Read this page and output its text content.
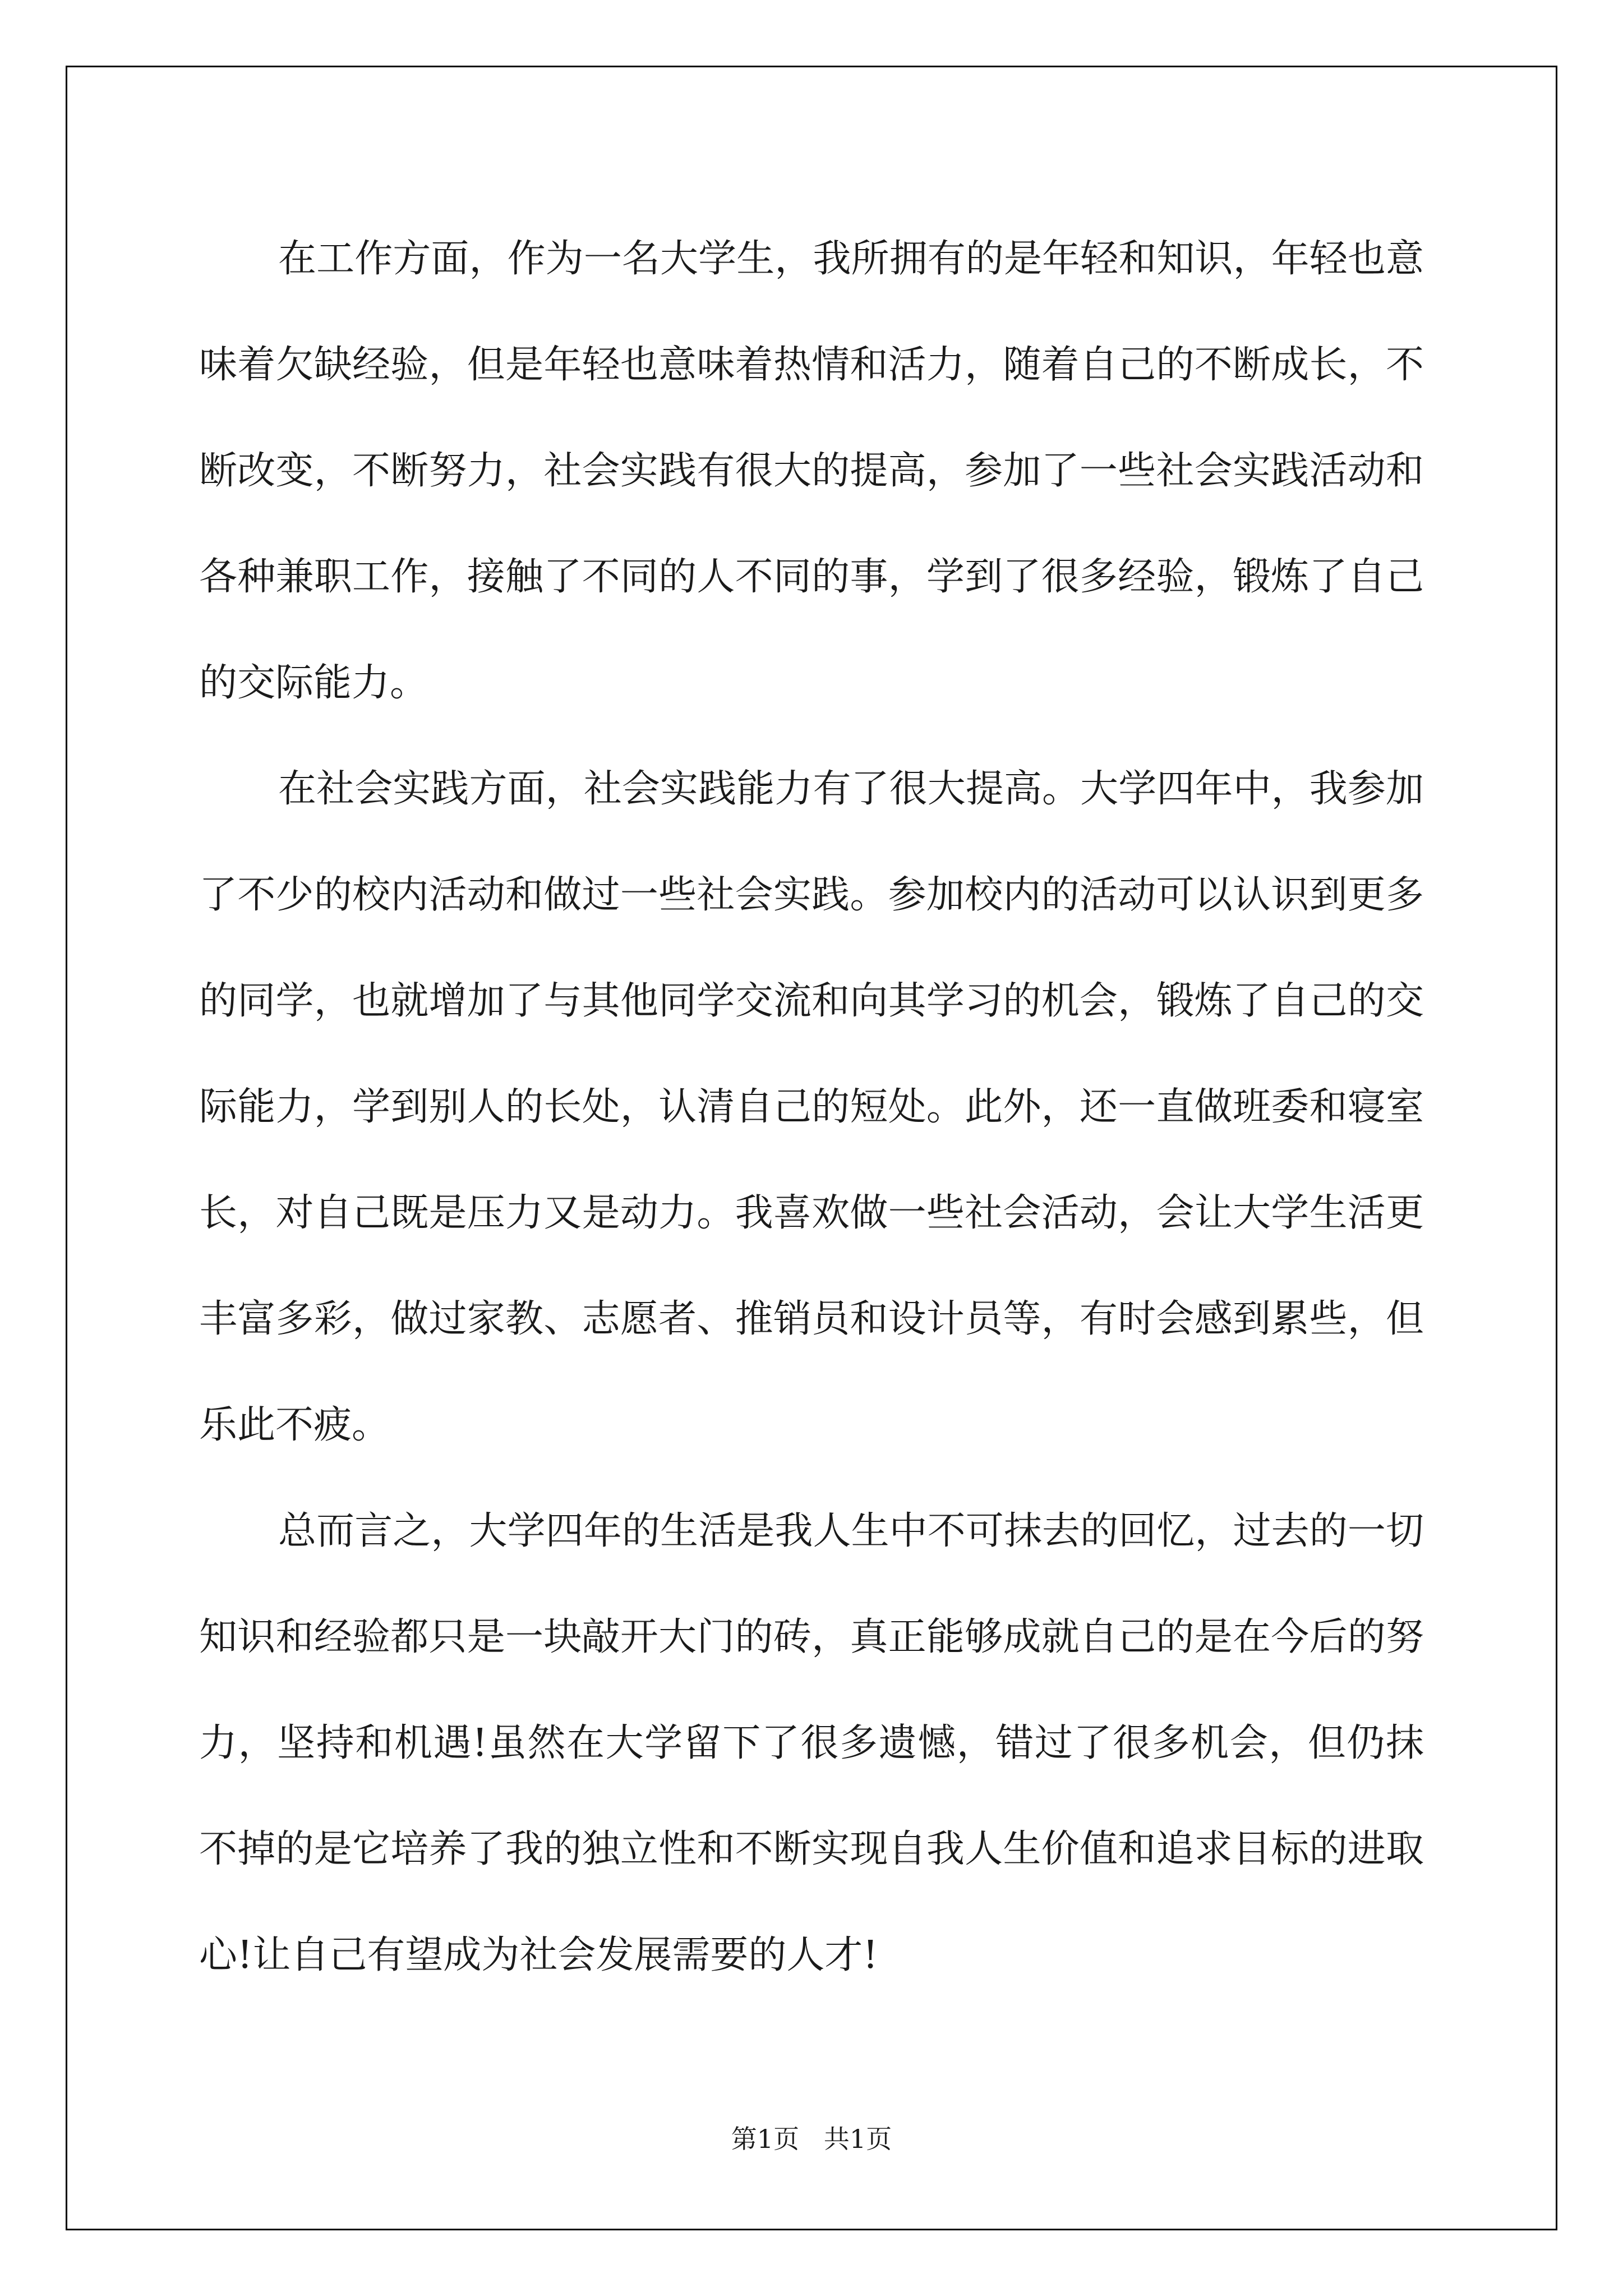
在工作方面，作为一名大学生，我所拥有的是年轻和知识，年轻也意味着欠缺经验，但是年轻也意味着热情和活力，随着自己的不断成长，不断改变，不断努力，社会实践有很大的提高，参加了一些社会实践活动和各种兼职工作，接触了不同的人不同的事，学到了很多经验，锻炼了自己的交际能力。

在社会实践方面，社会实践能力有了很大提高。大学四年中，我参加了不少的校内活动和做过一些社会实践。参加校内的活动可以认识到更多的同学，也就增加了与其他同学交流和向其学习的机会，锻炼了自己的交际能力，学到别人的长处，认清自己的短处。此外，还一直做班委和寝室长，对自己既是压力又是动力。我喜欢做一些社会活动，会让大学生活更丰富多彩，做过家教、志愿者、推销员和设计员等，有时会感到累些，但乐此不疲。

总而言之，大学四年的生活是我人生中不可抹去的回忆，过去的一切知识和经验都只是一块敲开大门的砖，真正能够成就自己的是在今后的努力，坚持和机遇!虽然在大学留下了很多遗憾，错过了很多机会，但仍抹不掉的是它培养了我的独立性和不断实现自我人生价值和追求目标的进取心!让自己有望成为社会发展需要的人才!

第1页   共1页
